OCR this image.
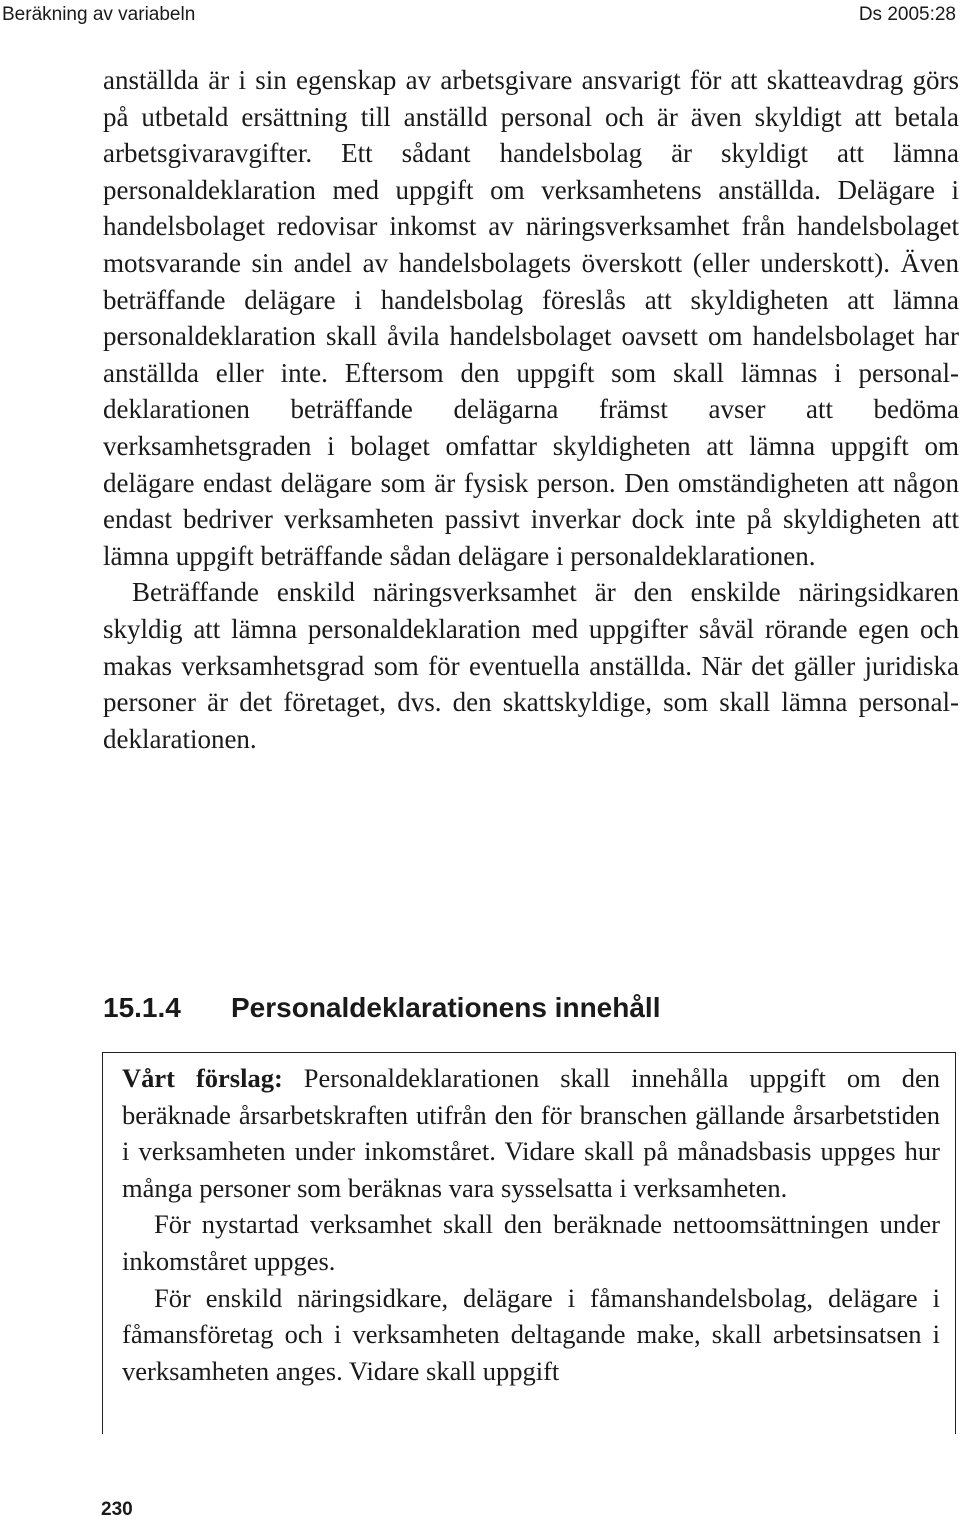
Beräkning av variabeln	Ds 2005:28

anställda är i sin egenskap av arbetsgivare ansvarigt för att skatteavdrag görs på utbetald ersättning till anställd personal och är även skyldigt att betala arbetsgivaravgifter. Ett sådant handelsbolag är skyldigt att lämna personaldeklaration med uppgift om verksamhetens anställda. Delägare i handelsbolaget redovisar inkomst av näringsverksamhet från handelsbolaget motsvarande sin andel av handelsbolagets överskott (eller underskott). Även beträffande delägare i handelsbolag föreslås att skyldigheten att lämna personaldeklaration skall åvila handelsbolaget oavsett om handelsbolaget har anställda eller inte. Eftersom den uppgift som skall lämnas i personaldeklarationen beträffande delägarna främst avser att bedöma verksamhetsgraden i bolaget omfattar skyldigheten att lämna uppgift om delägare endast delägare som är fysisk person. Den omständigheten att någon endast bedriver verksamheten passivt inverkar dock inte på skyldigheten att lämna uppgift beträffande sådan delägare i personaldeklarationen.

Beträffande enskild näringsverksamhet är den enskilde näringsidkaren skyldig att lämna personaldeklaration med uppgifter såväl rörande egen och makas verksamhetsgrad som för eventuella anställda. När det gäller juridiska personer är det företaget, dvs. den skattskyldige, som skall lämna personaldeklarationen.

15.1.4 Personaldeklarationens innehåll

Vårt förslag: Personaldeklarationen skall innehålla uppgift om den beräknade årsarbetskraften utifrån den för branschen gällande årsarbetstiden i verksamheten under inkomståret. Vidare skall på månadsbasis uppges hur många personer som beräknas vara sysselsatta i verksamheten.

För nystartad verksamhet skall den beräknade nettoomsättningen under inkomståret uppges.

För enskild näringsidkare, delägare i fåmanshandelsbolag, delägare i fåmansföretag och i verksamheten deltagande make, skall arbetsinsatsen i verksamheten anges. Vidare skall uppgift

230
